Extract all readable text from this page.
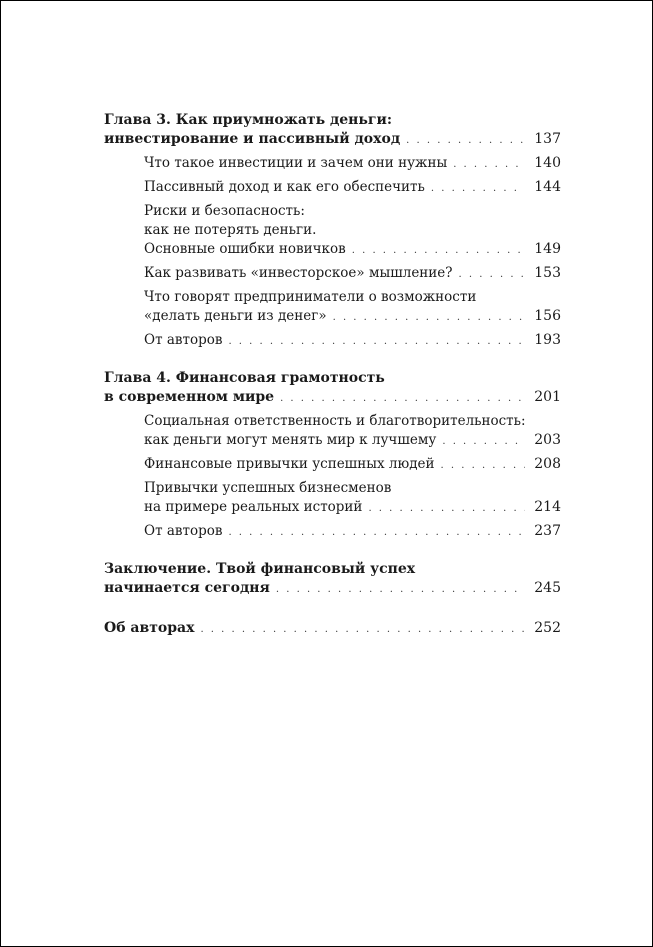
Глава 3. Как приумножать деньги:
инвестирование и пассивный доход . . .	137
Что такое инвестиции и зачем они нужны . . .	140
Пассивный доход и как его обеспечить . . .	144
Риски и безопасность:
как не потерять деньги.
Основные ошибки новичков . . .	149
Как развивать «инвесторское» мышление? . . .	153
Что говорят предприниматели о возможности
«делать деньги из денег» . . .	156
От авторов . . .	193
Глава 4. Финансовая грамотность
в современном мире . . .	201
Социальная ответственность и благотворительность:
как деньги могут менять мир к лучшему . . .	203
Финансовые привычки успешных людей . . .	208
Привычки успешных бизнесменов
на примере реальных историй . . .	214
От авторов . . .	237
Заключение. Твой финансовый успех
начинается сегодня . . .	245
Об авторах . . .	252
